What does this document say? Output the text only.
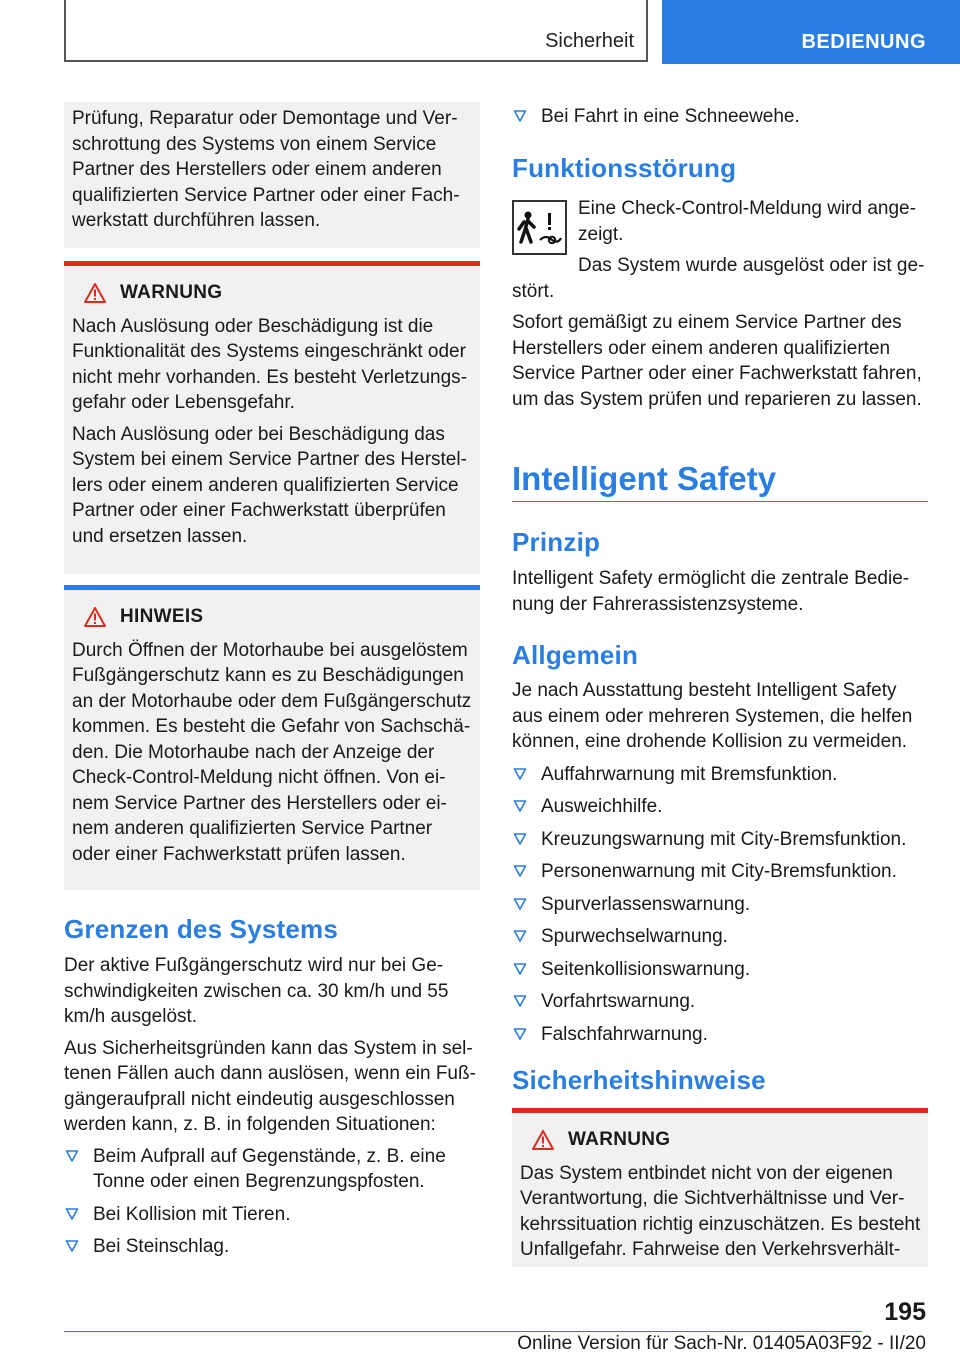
Sicherheit	BEDIENUNG

Prüfung, Reparatur oder Demontage und Verschrottung des Systems von einem Service Partner des Herstellers oder einem anderen qualifizierten Service Partner oder einer Fachwerkstatt durchführen lassen.

WARNUNG

Nach Auslösung oder Beschädigung ist die Funktionalität des Systems eingeschränkt oder nicht mehr vorhanden. Es besteht Verletzungsgefahr oder Lebensgefahr.

Nach Auslösung oder bei Beschädigung das System bei einem Service Partner des Herstellers oder einem anderen qualifizierten Service Partner oder einer Fachwerkstatt überprüfen und ersetzen lassen.

HINWEIS

Durch Öffnen der Motorhaube bei ausgelöstem Fußgängerschutz kann es zu Beschädigungen an der Motorhaube oder dem Fußgängerschutz kommen. Es besteht die Gefahr von Sachschäden. Die Motorhaube nach der Anzeige der Check-Control-Meldung nicht öffnen. Von einem Service Partner des Herstellers oder einem anderen qualifizierten Service Partner oder einer Fachwerkstatt prüfen lassen.

Grenzen des Systems

Der aktive Fußgängerschutz wird nur bei Geschwindigkeiten zwischen ca. 30 km/h und 55 km/h ausgelöst.

Aus Sicherheitsgründen kann das System in seltenen Fällen auch dann auslösen, wenn ein Fußgängeraufprall nicht eindeutig ausgeschlossen werden kann, z. B. in folgenden Situationen:

Beim Aufprall auf Gegenstände, z. B. eine Tonne oder einen Begrenzungspfosten.
Bei Kollision mit Tieren.
Bei Steinschlag.
Bei Fahrt in eine Schneewehe.
Funktionsstörung

Eine Check-Control-Meldung wird angezeigt.

Das System wurde ausgelöst oder ist gestört.

Sofort gemäßigt zu einem Service Partner des Herstellers oder einem anderen qualifizierten Service Partner oder einer Fachwerkstatt fahren, um das System prüfen und reparieren zu lassen.

Intelligent Safety
Prinzip

Intelligent Safety ermöglicht die zentrale Bedienung der Fahrerassistenzsysteme.

Allgemein

Je nach Ausstattung besteht Intelligent Safety aus einem oder mehreren Systemen, die helfen können, eine drohende Kollision zu vermeiden.

Auffahrwarnung mit Bremsfunktion.
Ausweichhilfe.
Kreuzungswarnung mit City-Bremsfunktion.
Personenwarnung mit City-Bremsfunktion.
Spurverlassenswarnung.
Spurwechselwarnung.
Seitenkollisionswarnung.
Vorfahrtswarnung.
Falschfahrwarnung.
Sicherheitshinweise
WARNUNG

Das System entbindet nicht von der eigenen Verantwortung, die Sichtverhältnisse und Verkehrssituation richtig einzuschätzen. Es besteht Unfallgefahr. Fahrweise den Verkehrsverhält-

195
Online Version für Sach-Nr. 01405A03F92 - II/20
